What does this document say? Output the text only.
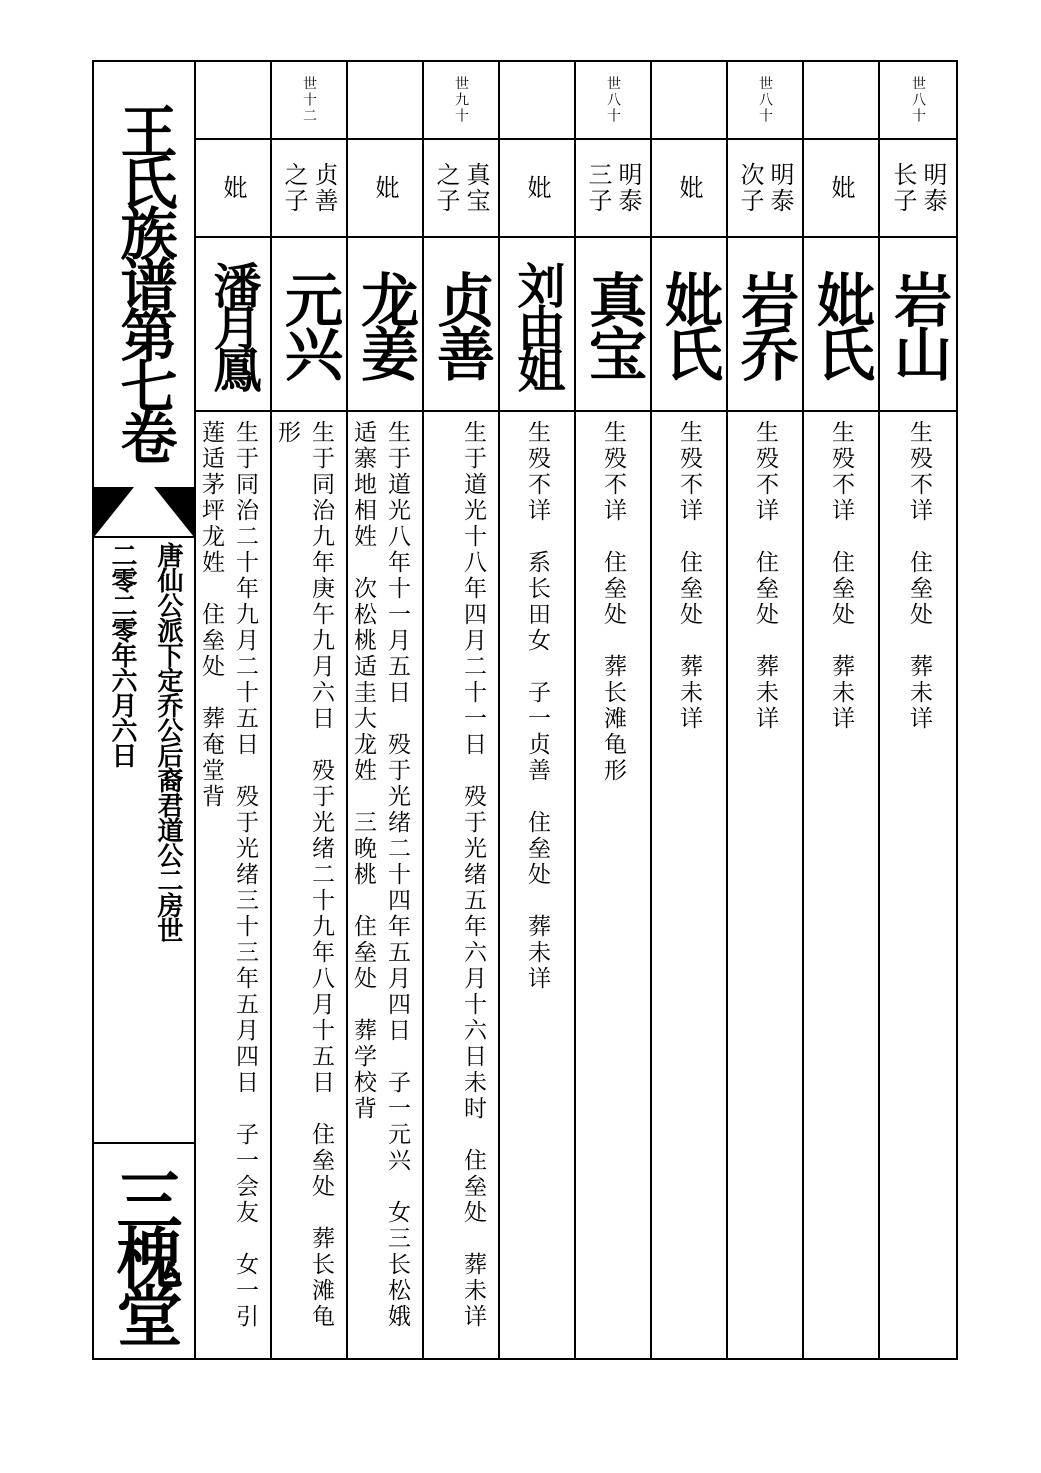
王氏族谱第七卷
唐仙公派下定乔公后裔君道公二房世
二零二零年六月六日
三槐堂
妣
潘月鳳
生于同治二十年九月二十五日　殁于光绪三十三年五月四日　子一会友　女一引莲适茅坪龙姓　住垒处　葬奄堂背
世十二
贞善
之子
元兴
生于同治九年庚午九月六日　殁于光绪二十九年八月十五日　住垒处　葬长滩龟形
妣
龙姜
生于道光八年十一月五日　殁于光绪二十四年五月四日　子一元兴　女三长松娥适寨地相姓　次松桃适圭大龙姓　三晚桃　住垒处　葬学校背
世九十
真宝
之子
贞善
生于道光十八年四月二十一日　殁于光绪五年六月十六日未时　住垒处　葬未详
妣
刘由姐
生殁不详　系长田女　子一贞善　住垒处　葬未详
世八十
明泰
三子
真宝
生殁不详　住垒处　葬长滩龟形
妣
妣氏
生殁不详　住垒处　葬未详
世八十
明泰
次子
岩乔
生殁不详　住垒处　葬未详
妣
妣氏
生殁不详　住垒处　葬未详
世八十
明泰
长子
岩山
生殁不详　住垒处　葬未详
